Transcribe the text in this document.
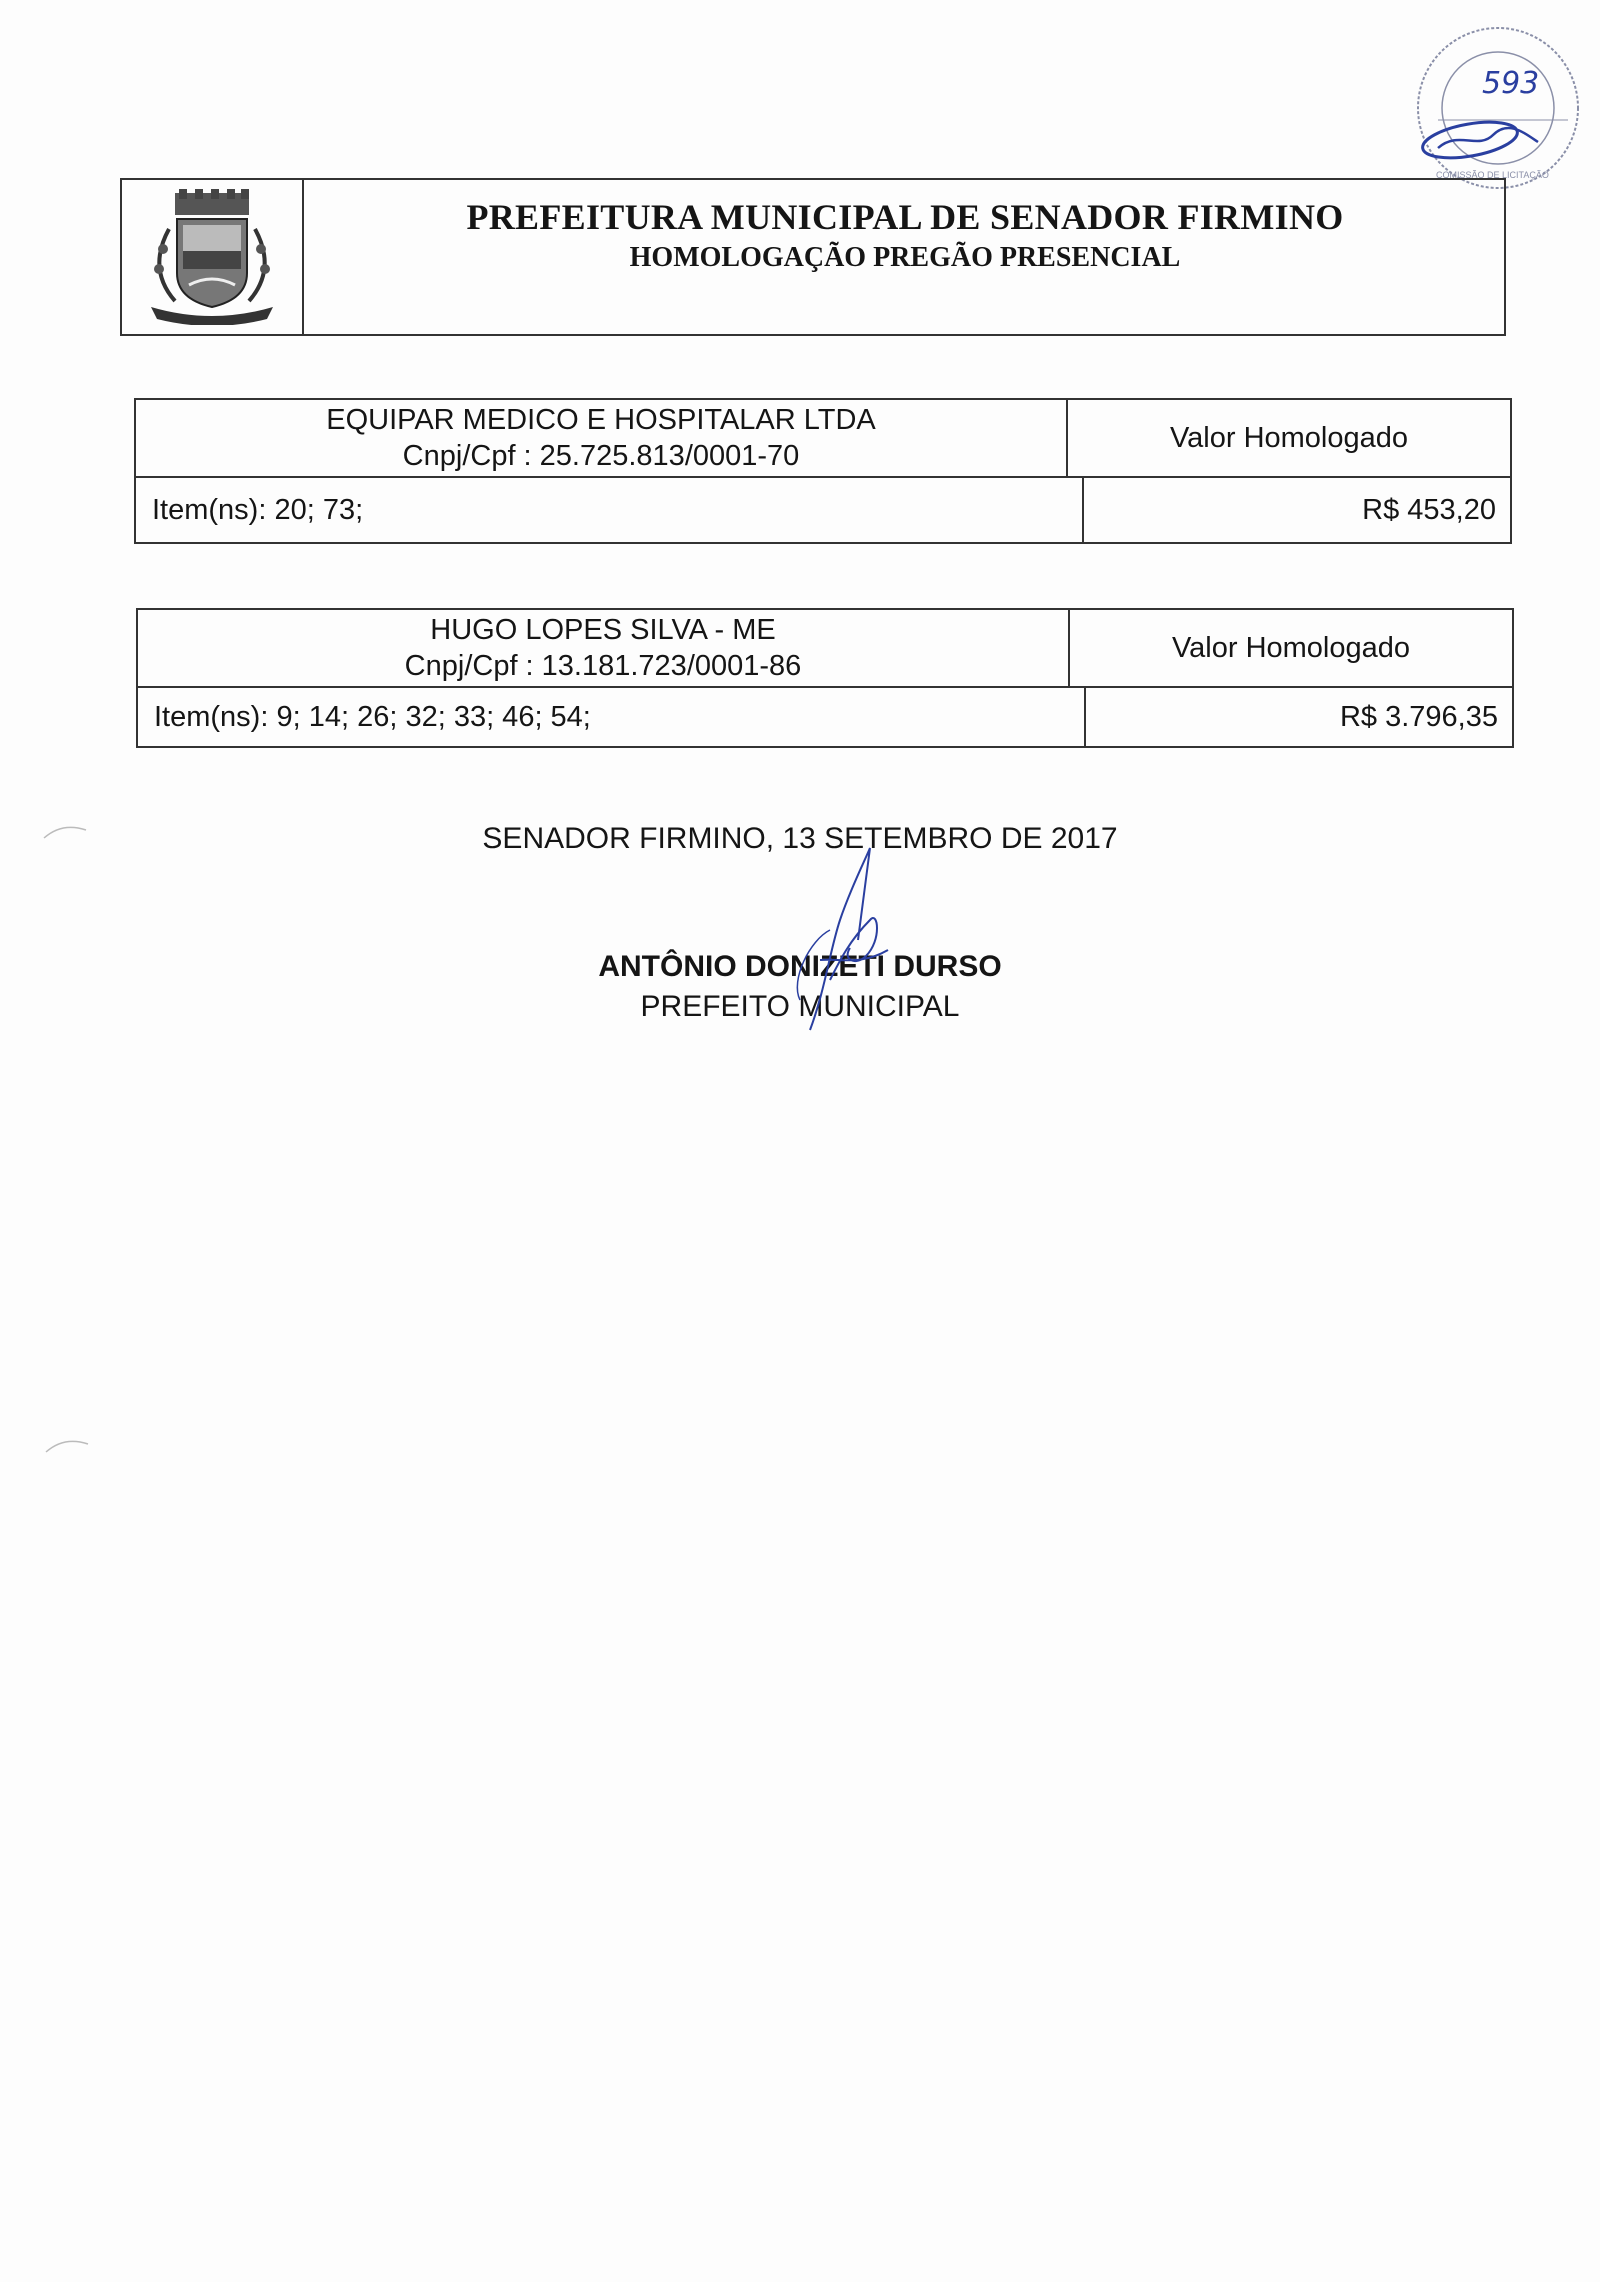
593
COMISSÃO DE LICITAÇÃO
PREFEITURA MUNICIPAL DE SENADOR FIRMINO
HOMOLOGAÇÃO PREGÃO PRESENCIAL
EQUIPAR MEDICO E HOSPITALAR LTDA
Cnpj/Cpf : 25.725.813/0001-70
Valor Homologado
Item(ns): 20; 73;	R$ 453,20
HUGO LOPES SILVA - ME
Cnpj/Cpf : 13.181.723/0001-86
Valor Homologado
Item(ns): 9; 14; 26; 32; 33; 46; 54;	R$ 3.796,35
SENADOR FIRMINO, 13 SETEMBRO DE 2017
ANTÔNIO DONIZETI DURSO
PREFEITO MUNICIPAL
